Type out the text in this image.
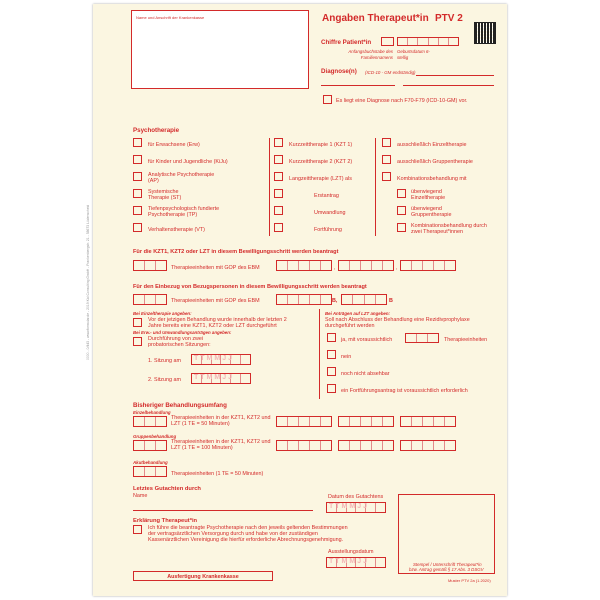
Name und Anschrift der Krankenkasse	Angaben Therapeut*in PTV 2
Chiffre Patient*in
Anfangsbuchstabe des Familiennamens
Geburtsdatum 6-stellig
Diagnose(n) (ICD-10 - GM endständig)
Es liegt eine Diagnose nach F70-F79 (ICD-10-GM) vor.
Psychotherapie
für Erwachsene (Erw)
für Kinder und Jugendliche (KiJu)
Analytische Psychotherapie (AP)
Systemische Therapie (ST)
Tiefenpsychologisch fundierte Psychotherapie (TP)
Verhaltenstherapie (VT)
Kurzzeittherapie 1 (KZT 1)
Kurzzeittherapie 2 (KZT 2)
Langzeittherapie (LZT) als
Erstantrag
Umwandlung
Fortführung
ausschließlich Einzeltherapie
ausschließlich Gruppentherapie
Kombinationsbehandlung mit
überwiegend Einzeltherapie
überwiegend Gruppentherapie
Kombinationsbehandlung durch zwei Therapeut*innen
Für die KZT1, KZT2 oder LZT in diesem Bewilligungsschritt werden beantragt
Therapieeinheiten mit GOP des EBM	,	,
Für den Einbezug von Bezugspersonen in diesem Bewilligungsschritt werden beantragt
Therapieeinheiten mit GOP des EBM	B,	B
Bei Einzeltherapie angeben:
Vor der jetzigen Behandlung wurde innerhalb der letzten 2 Jahre bereits eine KZT1, KZT2 oder LZT durchgeführt
Bei Erw.- und Umwandlungsanträgen angeben:
Durchführung von zwei probatorischen Sitzungen:
1. Sitzung am TTMMJJ
2. Sitzung am TTMMJJ
Bei Anträgen auf LZT angeben:
Soll nach Abschluss der Behandlung eine Rezidivprophylaxe durchgeführt werden
ja, mit voraussichtlich	Therapieeinheiten
nein
noch nicht absehbar
ein Fortführungsantrag ist voraussichtlich erforderlich
Bisheriger Behandlungsumfang
Einzelbehandlung
Therapieeinheiten in der KZT1, KZT2 und LZT (1 TE = 50 Minuten)
Gruppenbehandlung
Therapieeinheiten in der KZT1, KZT2 und LZT (1 TE = 100 Minuten)
Akutbehandlung
Therapieeinheiten (1 TE = 50 Minuten)
Letztes Gutachten durch
Name	Datum des Gutachtens
TTMMJJ
Erklärung Therapeut*in
Ich führe die beantragte Psychotherapie nach den jeweils geltenden Bestimmungen
der vertragsärztlichen Versorgung durch und habe von der zuständigen
Kassenärztlichen Vereinigung die hierfür erforderliche Abrechnungsgenehmigung.
Ausstellungsdatum
TTMMJJ	Stempel / Unterschrift Therapeut*in
bzw. Antrag gemäß § 17 Abs. 3 DSGV
Muster PTV 2a (1.2020)
Ausfertigung Krankenkasse
0000 - 0/443 - www.formular.de - 2019 Kid Consulting GmbH - Frankenbergstr. 21 - 58673 Lüdenscheid
